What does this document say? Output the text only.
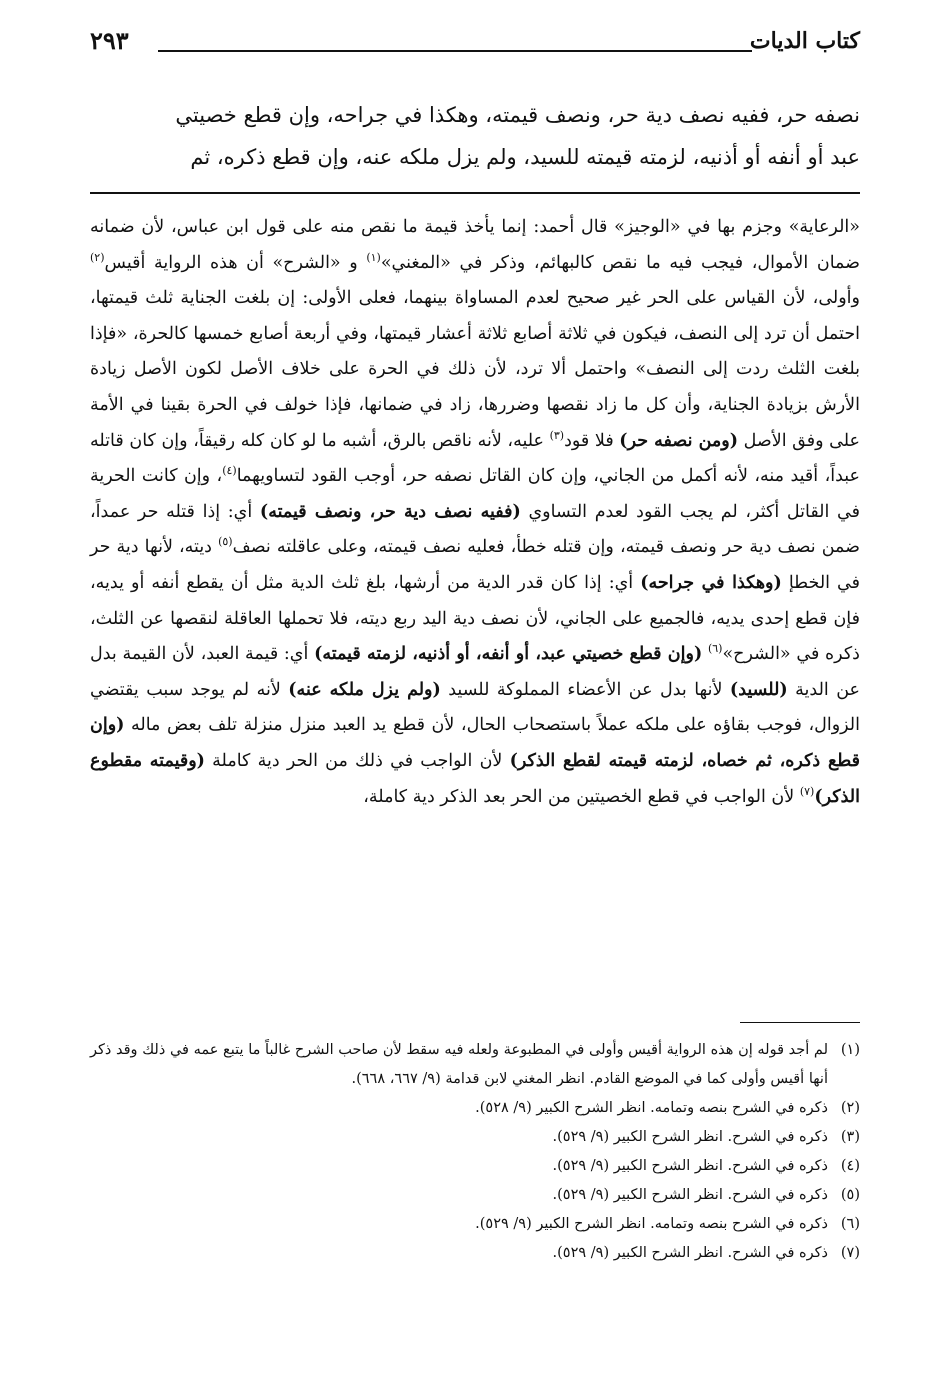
كتاب الديات
٢٩٣
نصفه حر، ففيه نصف دية حر، ونصف قيمته، وهكذا في جراحه، وإن قطع خصيتي
عبد أو أنفه أو أذنيه، لزمته قيمته للسيد، ولم يزل ملكه عنه، وإن قطع ذكره، ثم
«الرعاية» وجزم بها في «الوجيز» قال أحمد: إنما يأخذ قيمة ما نقص منه على قول ابن عباس، لأن ضمانه ضمان الأموال، فيجب فيه ما نقص كالبهائم، وذكر في «المغني»$^{(١)}$ و «الشرح» أن هذه الرواية أقيس$^{(٢)}$ وأولى، لأن القياس على الحر غير صحيح لعدم المساواة بينهما، فعلى الأولى: إن بلغت الجناية ثلث قيمتها، احتمل أن ترد إلى النصف، فيكون في ثلاثة أصابع ثلاثة أعشار قيمتها، وفي أربعة أصابع خمسها كالحرة، «فإذا بلغت الثلث ردت إلى النصف» واحتمل ألا ترد، لأن ذلك في الحرة على خلاف الأصل لكون الأصل زيادة الأرش بزيادة الجناية، وأن كل ما زاد نقصها وضررها، زاد في ضمانها، فإذا خولف في الحرة بقينا في الأمة على وفق الأصل (ومن نصفه حر) فلا قود$^{(٣)}$ عليه، لأنه ناقص بالرق، أشبه ما لو كان كله رقيقاً، وإن كان قاتله عبداً، أقيد منه، لأنه أكمل من الجاني، وإن كان القاتل نصفه حر، أوجب القود لتساويهما$^{(٤)}$، وإن كانت الحرية في القاتل أكثر، لم يجب القود لعدم التساوي (ففيه نصف دية حر، ونصف قيمته) أي: إذا قتله حر عمداً، ضمن نصف دية حر ونصف قيمته، وإن قتله خطأ، فعليه نصف قيمته، وعلى عاقلته نصف$^{(٥)}$ ديته، لأنها دية حر في الخطإ (وهكذا في جراحه) أي: إذا كان قدر الدية من أرشها، بلغ ثلث الدية مثل أن يقطع أنفه أو يديه، فإن قطع إحدى يديه، فالجميع على الجاني، لأن نصف دية اليد ربع ديته، فلا تحملها العاقلة لنقصها عن الثلث، ذكره في «الشرح»$^{(٦)}$ (وإن قطع خصيتي عبد، أو أنفه، أو أذنيه، لزمته قيمته) أي: قيمة العبد، لأن القيمة بدل عن الدية (للسيد) لأنها بدل عن الأعضاء المملوكة للسيد (ولم يزل ملكه عنه) لأنه لم يوجد سبب يقتضي الزوال، فوجب بقاؤه على ملكه عملاً باستصحاب الحال، لأن قطع يد العبد منزل منزلة تلف بعض ماله (وإن قطع ذكره، ثم خصاه، لزمته قيمته لقطع الذكر) لأن الواجب في ذلك من الحر دية كاملة (وقيمته مقطوع الذكر)$^{(٧)}$ لأن الواجب في قطع الخصيتين من الحر بعد الذكر دية كاملة،
(١)
لم أجد قوله إن هذه الرواية أقيس وأولى في المطبوعة ولعله فيه سقط لأن صاحب الشرح غالباً ما يتبع عمه في ذلك وقد ذكر أنها أقيس وأولى كما في الموضع القادم. انظر المغني لابن قدامة (٩/ ٦٦٧، ٦٦٨).
(٢)
ذكره في الشرح بنصه وتمامه. انظر الشرح الكبير (٩/ ٥٢٨).
(٣)
ذكره في الشرح. انظر الشرح الكبير (٩/ ٥٢٩).
(٤)
ذكره في الشرح. انظر الشرح الكبير (٩/ ٥٢٩).
(٥)
ذكره في الشرح. انظر الشرح الكبير (٩/ ٥٢٩).
(٦)
ذكره في الشرح بنصه وتمامه. انظر الشرح الكبير (٩/ ٥٢٩).
(٧)
ذكره في الشرح. انظر الشرح الكبير (٩/ ٥٢٩).
